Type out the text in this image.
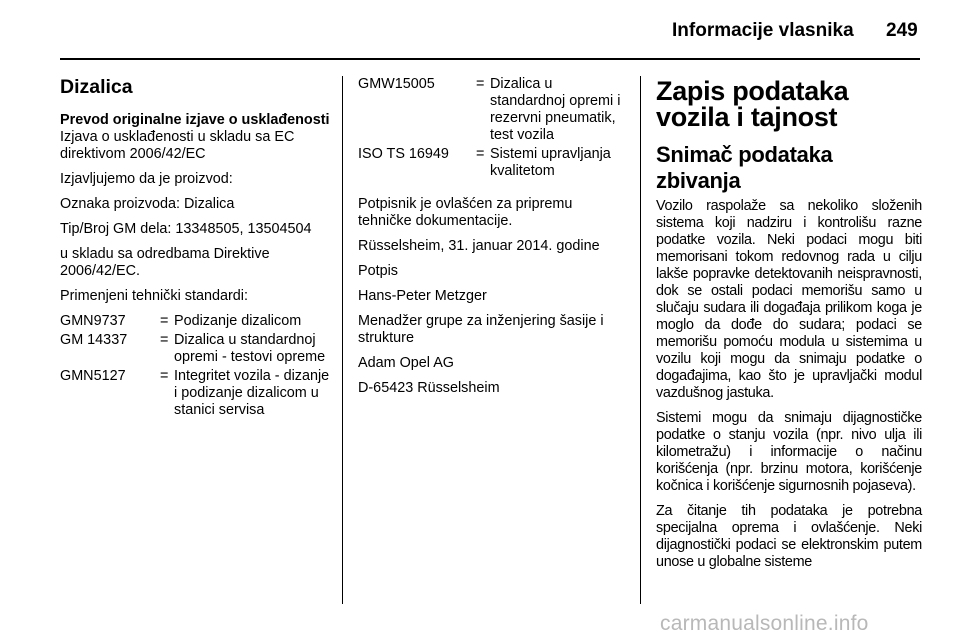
Informacije vlasnika 249
Dizalica

Prevod originalne izjave o usklađenosti

Izjava o usklađenosti u skladu sa EC direktivom 2006/42/EC

Izjavljujemo da je proizvod:

Oznaka proizvoda: Dizalica

Tip/Broj GM dela: 13348505, 13504504

u skladu sa odredbama Direktive 2006/42/EC.

Primenjeni tehnički standardi:

GMN9737	=	Podizanje dizalicom
GM 14337	=	Dizalica u standardnoj opremi - testovi opreme
GMN5127	=	Integritet vozila - dizanje i podizanje dizalicom u stanici servisa
GMW15005	=	Dizalica u standardnoj opremi i rezervni pneumatik, test vozila
ISO TS 16949	=	Sistemi upravljanja kvalitetom

Potpisnik je ovlašćen za pripremu tehničke dokumentacije.

Rüsselsheim, 31. januar 2014. godine

Potpis

Hans-Peter Metzger

Menadžer grupe za inženjering šasije i strukture

Adam Opel AG

D-65423 Rüsselsheim

Zapis podataka vozila i tajnost
Snimač podataka zbivanja

Vozilo raspolaže sa nekoliko složenih sistema koji nadziru i kontrolišu razne podatke vozila. Neki podaci mogu biti memorisani tokom redovnog rada u cilju lakše popravke detektovanih neispravnosti, dok se ostali podaci memorišu samo u slučaju sudara ili događaja prilikom koga je moglo da dođe do sudara; podaci se memorišu pomoću modula u sistemima u vozilu koji mogu da snimaju podatke o događajima, kao što je upravljački modul vazdušnog jastuka.

Sistemi mogu da snimaju dijagnostičke podatke o stanju vozila (npr. nivo ulja ili kilometražu) i informacije o načinu korišćenja (npr. brzinu motora, korišćenje kočnica i korišćenje sigurnosnih pojaseva).

Za čitanje tih podataka je potrebna specijalna oprema i ovlašćenje. Neki dijagnostički podaci se elektronskim putem unose u globalne sisteme

carmanualsonline.info
